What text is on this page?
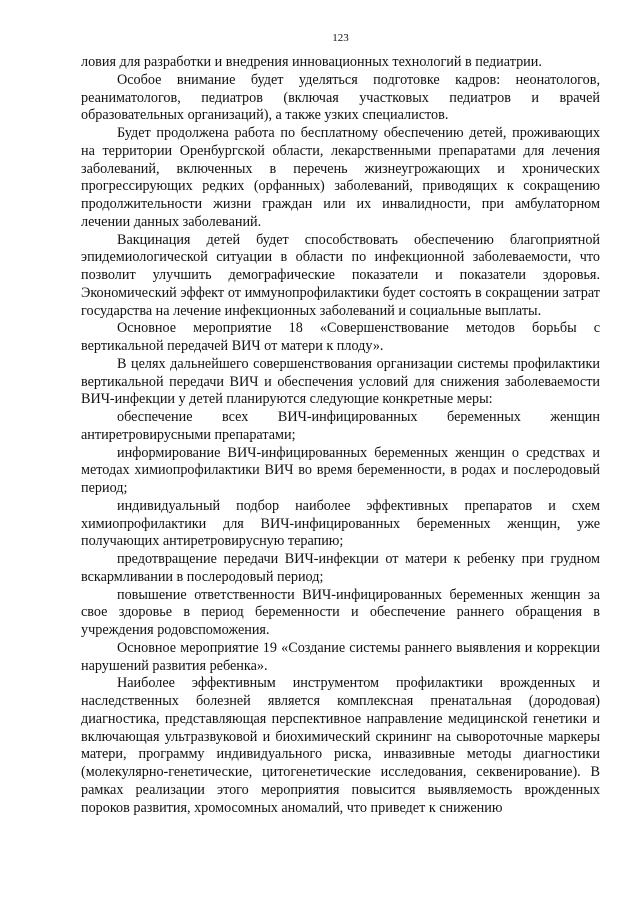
123

ловия для разработки и внедрения инновационных технологий в педиатрии.

Особое внимание будет уделяться подготовке кадров: неонатологов, реаниматологов, педиатров (включая участковых педиатров и врачей образовательных организаций), а также узких специалистов.

Будет продолжена работа по бесплатному обеспечению детей, проживающих на территории Оренбургской области, лекарственными препаратами для лечения заболеваний, включенных в перечень жизнеугрожающих и хронических прогрессирующих редких (орфанных) заболеваний, приводящих к сокращению продолжительности жизни граждан или их инвалидности, при амбулаторном лечении данных заболеваний.

Вакцинация детей будет способствовать обеспечению благоприятной эпидемиологической ситуации в области по инфекционной заболеваемости, что позволит улучшить демографические показатели и показатели здоровья. Экономический эффект от иммунопрофилактики будет состоять в сокращении затрат государства на лечение инфекционных заболеваний и социальные выплаты.

Основное мероприятие 18 «Совершенствование методов борьбы с вертикальной передачей ВИЧ от матери к плоду».

В целях дальнейшего совершенствования организации системы профилактики вертикальной передачи ВИЧ и обеспечения условий для снижения заболеваемости ВИЧ-инфекции у детей планируются следующие конкретные меры:

обеспечение всех ВИЧ-инфицированных беременных женщин антиретровирусными препаратами;

информирование ВИЧ-инфицированных беременных женщин о средствах и методах химиопрофилактики ВИЧ во время беременности, в родах и послеродовый период;

индивидуальный подбор наиболее эффективных препаратов и схем химиопрофилактики для ВИЧ-инфицированных беременных женщин, уже получающих антиретровирусную терапию;

предотвращение передачи ВИЧ-инфекции от матери к ребенку при грудном вскармливании в послеродовый период;

повышение ответственности ВИЧ-инфицированных беременных женщин за свое здоровье в период беременности и обеспечение раннего обращения в учреждения родовспоможения.

Основное мероприятие 19 «Создание системы раннего выявления и коррекции нарушений развития ребенка».

Наиболее эффективным инструментом профилактики врожденных и наследственных болезней является комплексная пренатальная (дородовая) диагностика, представляющая перспективное направление медицинской генетики и включающая ультразвуковой и биохимический скрининг на сывороточные маркеры матери, программу индивидуального риска, инвазивные методы диагностики (молекулярно-генетические, цитогенетические исследования, секвенирование). В рамках реализации этого мероприятия повысится выявляемость врожденных пороков развития, хромосомных аномалий, что приведет к снижению
